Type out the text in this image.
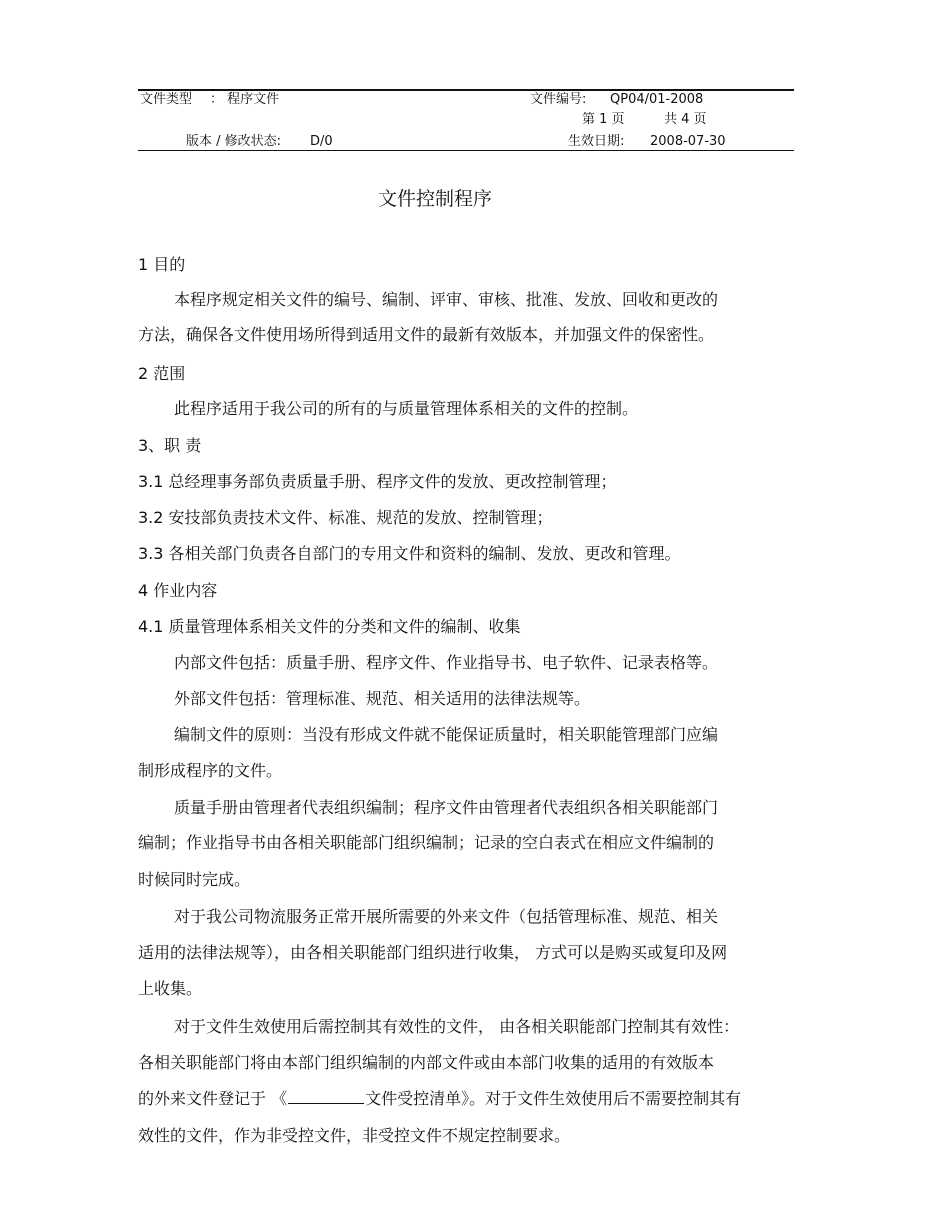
文件类型 ： 程序文件	文件编号: QP04/01-2008
第 1 页	共 4 页
版本 / 修改状态: D/0	生效日期: 2008-07-30
文件控制程序
1 目的
本程序规定相关文件的编号、编制、评审、审核、批准、发放、回收和更改的
方法，确保各文件使用场所得到适用文件的最新有效版本，并加强文件的保密性。
2 范围
此程序适用于我公司的所有的与质量管理体系相关的文件的控制。
3、职 责
3.1 总经理事务部负责质量手册、程序文件的发放、更改控制管理；
3.2 安技部负责技术文件、标准、规范的发放、控制管理；
3.3 各相关部门负责各自部门的专用文件和资料的编制、发放、更改和管理。
4 作业内容
4.1 质量管理体系相关文件的分类和文件的编制、收集
内部文件包括：质量手册、程序文件、作业指导书、电子软件、记录表格等。
外部文件包括：管理标准、规范、相关适用的法律法规等。
编制文件的原则：当没有形成文件就不能保证质量时，相关职能管理部门应编
制形成程序的文件。
质量手册由管理者代表组织编制；程序文件由管理者代表组织各相关职能部门
编制；作业指导书由各相关职能部门组织编制；记录的空白表式在相应文件编制的
时候同时完成。
对于我公司物流服务正常开展所需要的外来文件（包括管理标准、规范、相关
适用的法律法规等），由各相关职能部门组织进行收集， 方式可以是购买或复印及网
上收集。
对于文件生效使用后需控制其有效性的文件， 由各相关职能部门控制其有效性：
各相关职能部门将由本部门组织编制的内部文件或由本部门收集的适用的有效版本
的外来文件登记于 《	文件受控清单》。对于文件生效使用后不需要控制其有
效性的文件，作为非受控文件，非受控文件不规定控制要求。
